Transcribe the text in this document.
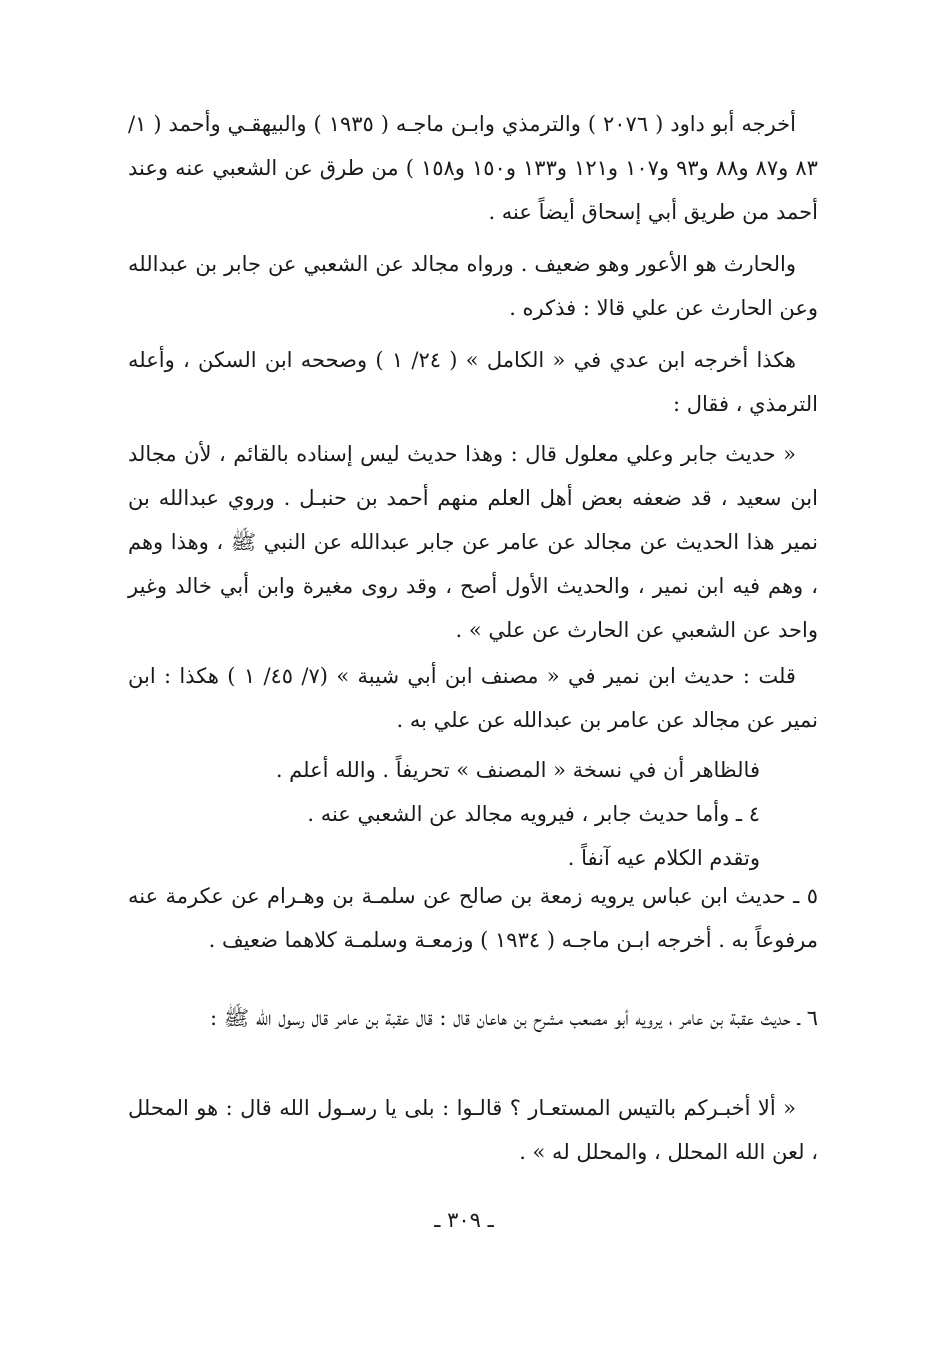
أخرجه أبو داود ( ٢٠٧٦ ) والترمذي وابـن ماجـه ( ١٩٣٥ ) والبيهقـي وأحمد ( ١/ ٨٣ و٨٧ و٨٨ و٩٣ و١٠٧ و١٢١ و١٣٣ و١٥٠ و١٥٨ ) من طرق عن الشعبي عنه وعند أحمد من طريق أبي إسحاق أيضاً عنه .

والحارث هو الأعور وهو ضعيف . ورواه مجالد عن الشعبي عن جابر بن عبدالله وعن الحارث عن علي قالا : فذكره .

هكذا أخرجه ابن عدي في « الكامل » ( ٢٤/ ١ ) وصححه ابن السكن ، وأعله الترمذي ، فقال :

« حديث جابر وعلي معلول قال : وهذا حديث ليس إسناده بالقائم ، لأن مجالد ابن سعيد ، قد ضعفه بعض أهل العلم منهم أحمد بن حنبـل . وروي عبدالله بن نمير هذا الحديث عن مجالد عن عامر عن جابر عبدالله عن النبي ﷺ ، وهذا وهم ، وهم فيه ابن نمير ، والحديث الأول أصح ، وقد روى مغيرة وابن أبي خالد وغير واحد عن الشعبي عن الحارث عن علي » .

قلت : حديث ابن نمير في « مصنف ابن أبي شيبة » (٧/ ٤٥/ ١ ) هكذا : ابن نمير عن مجالد عن عامر بن عبدالله عن علي به .

فالظاهر أن في نسخة « المصنف » تحريفاً . والله أعلم .

٤ ـ وأما حديث جابر ، فيرويه مجالد عن الشعبي عنه .

وتقدم الكلام عيه آنفاً .

٥ ـ حديث ابن عباس يرويه زمعة بن صالح عن سلمـة بن وهـرام عن عكرمة عنه مرفوعاً به . أخرجه ابـن ماجـه ( ١٩٣٤ ) وزمعـة وسلمـة كلاهما ضعيف .

٦ ـ حديث عقبة بن عامر ، يرويه أبو مصعب مشرح بن هاعان قال : قال عقبة بن عامر قال رسول الله ﷺ :

« ألا أخبـركم بالتيس المستعـار ؟ قالـوا : بلى يا رسـول الله قال : هو المحلل ، لعن الله المحلل ، والمحلل له » .

ـ ٣٠٩ ـ
